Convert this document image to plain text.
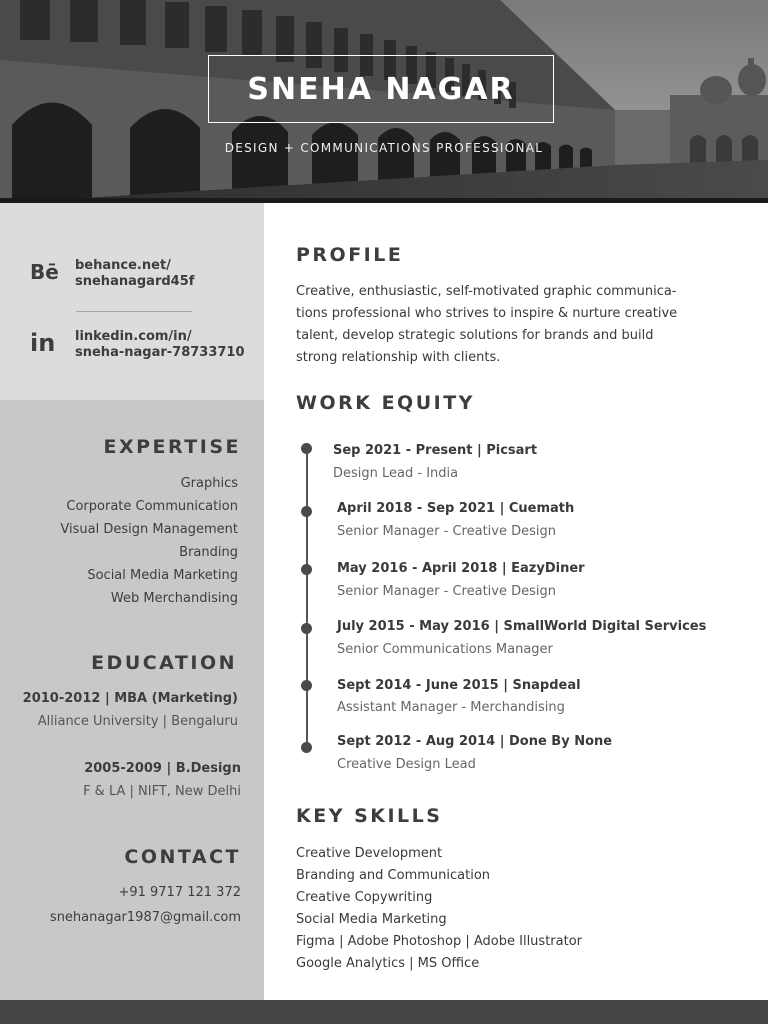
SNEHA NAGAR
DESIGN + COMMUNICATIONS PROFESSIONAL
Bē behance.net/
snehanagard45f
in	linkedin.com/in/
sneha-nagar-78733710
EXPERTISE
Graphics
Corporate Communication
Visual Design Management
Branding
Social Media Marketing
Web Merchandising
EDUCATION
2010-2012 | MBA (Marketing)
Alliance University | Bengaluru
2005-2009 | B.Design
F & LA | NIFT, New Delhi
CONTACT
+91 9717 121 372
snehanagar1987@gmail.com
PROFILE
Creative, enthusiastic, self-motivated graphic communica-
tions professional who strives to inspire & nurture creative
talent, develop strategic solutions for brands and build
strong relationship with clients.
WORK EQUITY
Sep 2021 - Present | Picsart
Design Lead - India
April 2018 - Sep 2021 | Cuemath
Senior Manager - Creative Design
May 2016 - April 2018 | EazyDiner
Senior Manager - Creative Design
July 2015 - May 2016 | SmallWorld Digital Services
Senior Communications Manager
Sept 2014 - June 2015 | Snapdeal
Assistant Manager - Merchandising
Sept 2012 - Aug 2014 | Done By None
Creative Design Lead
KEY SKILLS
Creative Development
Branding and Communication
Creative Copywriting
Social Media Marketing
Figma | Adobe Photoshop | Adobe Illustrator
Google Analytics | MS Office
